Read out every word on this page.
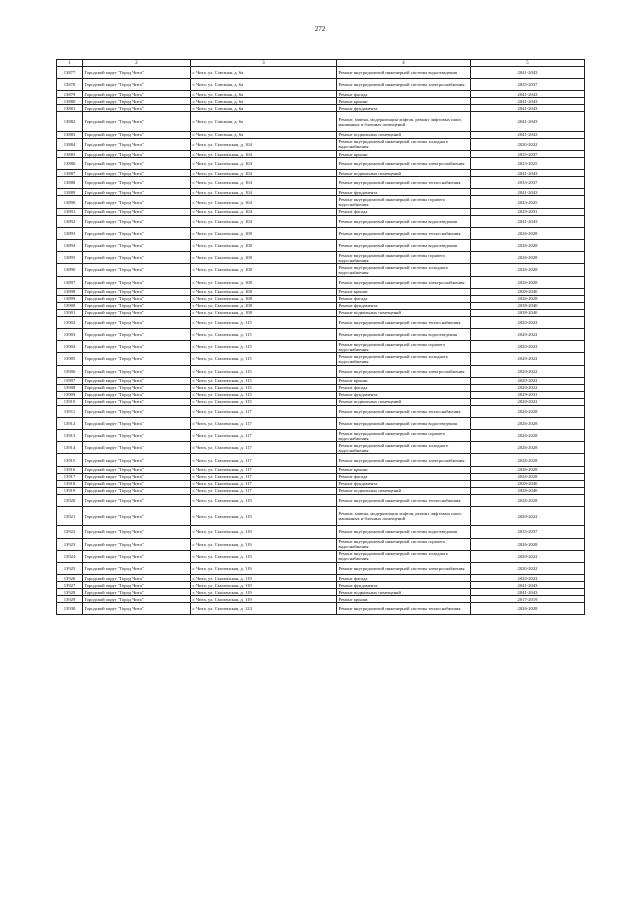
272
1	2	3	4	5
13877	Городской округ "Город Чита"	г. Чита, ул. Союзная, д. 6а	Ремонт внутридомовой инженерной системы водоотведения	2041-2043
13878	Городской округ "Город Чита"	г. Чита, ул. Союзная, д. 6а	Ремонт внутридомовой инженерной системы электроснабжения	2035-2037
13879	Городской округ "Город Чита"	г. Чита, ул. Союзная, д. 6а	Ремонт фасада	2041-2043
13880	Городской округ "Город Чита"	г. Чита, ул. Союзная, д. 6а	Ремонт крыши	2041-2043
13881	Городской округ "Город Чита"	г. Чита, ул. Союзная, д. 6а	Ремонт фундамента	2041-2043
13882	Городской округ "Город Чита"	г. Чита, ул. Союзная, д. 6а	Ремонт, замена, модернизация лифтов, ремонт лифтовых шахт, машинных и блочных помещений	2041-2043
13883	Городской округ "Город Чита"	г. Чита, ул. Союзная, д. 6а	Ремонт подвальных помещений	2041-2043
13884	Городской округ "Город Чита"	г. Чита, ул. Смоленская, д. 104	Ремонт внутридомовой инженерной системы холодного водоснабжения	2020-2022
13885	Городской округ "Город Чита"	г. Чита, ул. Смоленская, д. 104	Ремонт крыши	2035-2037
13886	Городской округ "Город Чита"	г. Чита, ул. Смоленская, д. 104	Ремонт внутридомовой инженерной системы электроснабжения	2023-2025
13887	Городской округ "Город Чита"	г. Чита, ул. Смоленская, д. 104	Ремонт подвальных помещений	2041-2043
13888	Городской округ "Город Чита"	г. Чита, ул. Смоленская, д. 104	Ремонт внутридомовой инженерной системы теплоснабжения	2035-2037
13889	Городской округ "Город Чита"	г. Чита, ул. Смоленская, д. 104	Ремонт фундамента	2041-2043
13890	Городской округ "Город Чита"	г. Чита, ул. Смоленская, д. 104	Ремонт внутридомовой инженерной системы горячего водоснабжения	2023-2025
13891	Городской округ "Город Чита"	г. Чита, ул. Смоленская, д. 104	Ремонт фасада	2029-2031
13892	Городской округ "Город Чита"	г. Чита, ул. Смоленская, д. 104	Ремонт внутридомовой инженерной системы водоотведения	2041-2043
13893	Городской округ "Город Чита"	г. Чита, ул. Смоленская, д. 108	Ремонт внутридомовой инженерной системы теплоснабжения	2026-2028
13894	Городской округ "Город Чита"	г. Чита, ул. Смоленская, д. 108	Ремонт внутридомовой инженерной системы водоотведения	2026-2028
13895	Городской округ "Город Чита"	г. Чита, ул. Смоленская, д. 108	Ремонт внутридомовой инженерной системы горячего водоснабжения	2026-2028
13896	Городской округ "Город Чита"	г. Чита, ул. Смоленская, д. 108	Ремонт внутридомовой инженерной системы холодного водоснабжения	2026-2028
13897	Городской округ "Город Чита"	г. Чита, ул. Смоленская, д. 108	Ремонт внутридомовой инженерной системы электроснабжения	2026-2028
13898	Городской округ "Город Чита"	г. Чита, ул. Смоленская, д. 108	Ремонт крыши	2038-2040
13899	Городской округ "Город Чита"	г. Чита, ул. Смоленская, д. 108	Ремонт фасада	2026-2028
13900	Городской округ "Город Чита"	г. Чита, ул. Смоленская, д. 108	Ремонт фундамента	2038-2040
13901	Городской округ "Город Чита"	г. Чита, ул. Смоленская, д. 108	Ремонт подвальных помещений	2038-2040
13902	Городской округ "Город Чита"	г. Чита, ул. Смоленская, д. 115	Ремонт внутридомовой инженерной системы теплоснабжения	2020-2022
13903	Городской округ "Город Чита"	г. Чита, ул. Смоленская, д. 115	Ремонт внутридомовой инженерной системы водоотведения	2020-2022
13904	Городской округ "Город Чита"	г. Чита, ул. Смоленская, д. 115	Ремонт внутридомовой инженерной системы горячего водоснабжения	2020-2022
13905	Городской округ "Город Чита"	г. Чита, ул. Смоленская, д. 115	Ремонт внутридомовой инженерной системы холодного водоснабжения	2020-2022
13906	Городской округ "Город Чита"	г. Чита, ул. Смоленская, д. 115	Ремонт внутридомовой инженерной системы электроснабжения	2020-2022
13907	Городской округ "Город Чита"	г. Чита, ул. Смоленская, д. 115	Ремонт крыши	2020-2022
13908	Городской округ "Город Чита"	г. Чита, ул. Смоленская, д. 115	Ремонт фасада	2020-2022
13909	Городской округ "Город Чита"	г. Чита, ул. Смоленская, д. 115	Ремонт фундамента	2029-2031
13910	Городской округ "Город Чита"	г. Чита, ул. Смоленская, д. 115	Ремонт подвальных помещений	2020-2022
13911	Городской округ "Город Чита"	г. Чита, ул. Смоленская, д. 117	Ремонт внутридомовой инженерной системы теплоснабжения	2026-2028
13912	Городской округ "Город Чита"	г. Чита, ул. Смоленская, д. 117	Ремонт внутридомовой инженерной системы водоотведения	2026-2028
13913	Городской округ "Город Чита"	г. Чита, ул. Смоленская, д. 117	Ремонт внутридомовой инженерной системы горячего водоснабжения	2026-2028
13914	Городской округ "Город Чита"	г. Чита, ул. Смоленская, д. 117	Ремонт внутридомовой инженерной системы холодного водоснабжения	2026-2028
13915	Городской округ "Город Чита"	г. Чита, ул. Смоленская, д. 117	Ремонт внутридомовой инженерной системы электроснабжения	2026-2028
13916	Городской округ "Город Чита"	г. Чита, ул. Смоленская, д. 117	Ремонт крыши	2026-2028
13917	Городской округ "Город Чита"	г. Чита, ул. Смоленская, д. 117	Ремонт фасада	2026-2028
13918	Городской округ "Город Чита"	г. Чита, ул. Смоленская, д. 117	Ремонт фундамента	2038-2040
13919	Городской округ "Город Чита"	г. Чита, ул. Смоленская, д. 117	Ремонт подвальных помещений	2038-2040
13920	Городской округ "Город Чита"	г. Чита, ул. Смоленская, д. 119	Ремонт внутридомовой инженерной системы теплоснабжения	2026-2028
13921	Городской округ "Город Чита"	г. Чита, ул. Смоленская, д. 119	Ремонт, замена, модернизация лифтов, ремонт лифтовых шахт, машинных и блочных помещений	2020-2022
13922	Городской округ "Город Чита"	г. Чита, ул. Смоленская, д. 119	Ремонт внутридомовой инженерной системы водоотведения	2035-2037
13923	Городской округ "Город Чита"	г. Чита, ул. Смоленская, д. 119	Ремонт внутридомовой инженерной системы горячего водоснабжения	2026-2028
13924	Городской округ "Город Чита"	г. Чита, ул. Смоленская, д. 119	Ремонт внутридомовой инженерной системы холодного водоснабжения	2020-2022
13925	Городской округ "Город Чита"	г. Чита, ул. Смоленская, д. 119	Ремонт внутридомовой инженерной системы электроснабжения	2020-2022
13926	Городской округ "Город Чита"	г. Чита, ул. Смоленская, д. 119	Ремонт фасада	2020-2022
13927	Городской округ "Город Чита"	г. Чита, ул. Смоленская, д. 119	Ремонт фундамента	2041-2043
13928	Городской округ "Город Чита"	г. Чита, ул. Смоленская, д. 119	Ремонт подвальных помещений	2041-2043
13929	Городской округ "Город Чита"	г. Чита, ул. Смоленская, д. 119	Ремонт крыши	2017-2019
13930	Городской округ "Город Чита"	г. Чита, ул. Смоленская, д. 123	Ремонт внутридомовой инженерной системы теплоснабжения	2026-2028
